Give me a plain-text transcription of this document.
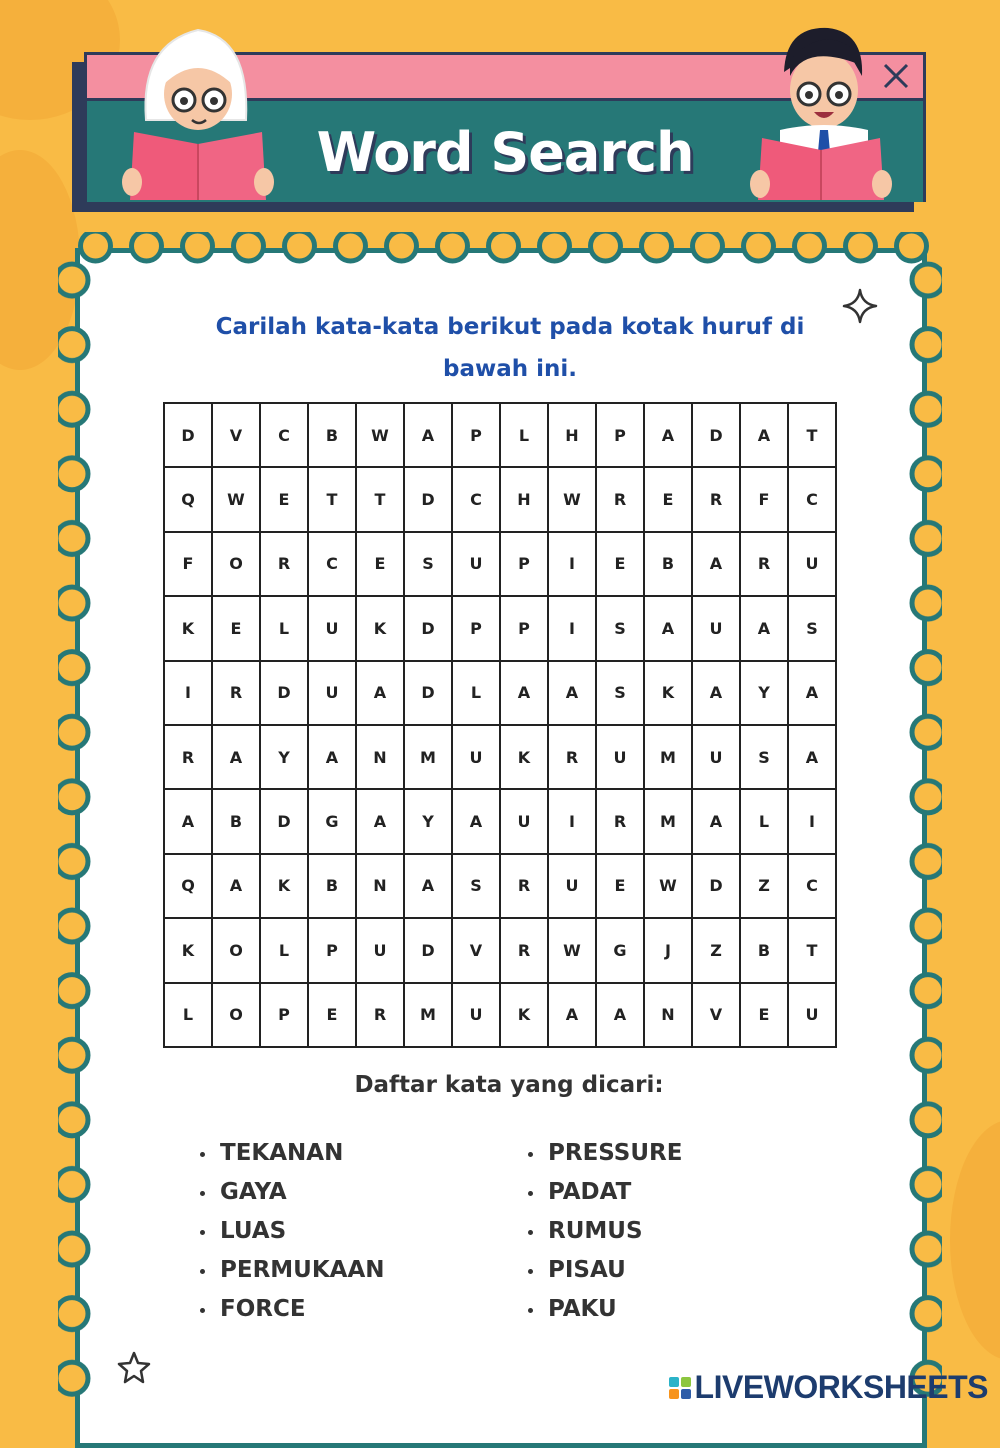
Word Search
Carilah kata-kata berikut pada kotak huruf di bawah ini.
D	V	C	B	W	A	P	L	H	P	A	D	A	T
Q	W	E	T	T	D	C	H	W	R	E	R	F	C
F	O	R	C	E	S	U	P	I	E	B	A	R	U
K	E	L	U	K	D	P	P	I	S	A	U	A	S
I	R	D	U	A	D	L	A	A	S	K	A	Y	A
R	A	Y	A	N	M	U	K	R	U	M	U	S	A
A	B	D	G	A	Y	A	U	I	R	M	A	L	I
Q	A	K	B	N	A	S	R	U	E	W	D	Z	C
K	O	L	P	U	D	V	R	W	G	J	Z	B	T
L	O	P	E	R	M	U	K	A	A	N	V	E	U
Daftar kata yang dicari:
TEKANAN
GAYA
LUAS
PERMUKAAN
FORCE
PRESSURE
PADAT
RUMUS
PISAU
PAKU
LIVEWORKSHEETS
